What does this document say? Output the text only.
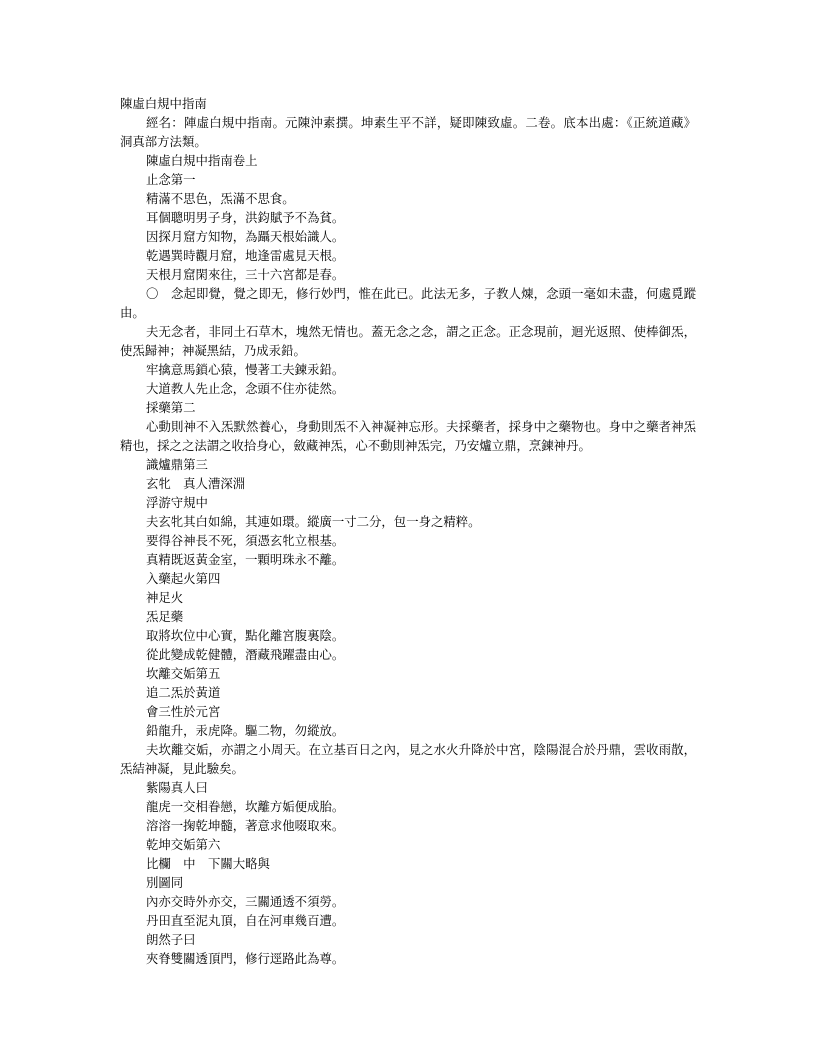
陳虛白規中指南
經名：陣虛白規中指南。元陳沖素撰。坤素生平不詳，疑即陳致虛。二卷。底本出處：《正統道藏》洞真部方法類。
陳虛白規中指南卷上
止念第一
精滿不思色，炁滿不思食。
耳個聰明男子身，洪鈞賦予不為貧。
因探月窟方知物，為躡天根始識人。
乾遇巽時觀月窟，地逢雷處見天根。
天根月窟閑來往，三十六宮都是春。
〇　念起即覺，覺之即无，修行妙門，惟在此已。此法无多，子教人煉，念頭一毫如未盡，何處覓蹤由。
夫无念者，非同土石草木，塊然无情也。蓋无念之念，謂之正念。正念現前，迴光返照、使棒御炁，使炁歸神；神凝黑結，乃成汞鉛。
牢擒意馬鎖心猿，慢著工夫鍊汞鉛。
大道教人先止念，念頭不住亦徒然。
採藥第二
心動則神不入炁默然養心，身動則炁不入神凝神忘形。夫採藥者，採身中之藥物也。身中之藥者神炁精也，採之之法謂之收拾身心，斂藏神炁，心不動則神炁完，乃安爐立鼎，烹鍊神丹。
識爐鼎第三
玄牝　真人漕深淵
浮游守規中
夫玄牝其白如綿，其連如環。縱廣一寸二分，包一身之精粹。
要得谷神長不死，須憑玄牝立根基。
真精既返黃金室，一顆明珠永不離。
入藥起火第四
神足火
炁足藥
取將坎位中心實，點化離宮腹裏陰。
從此變成乾健體，潛藏飛躍盡由心。
坎離交姤第五
追二炁於黃道
會三性於元宮
鉛龍升，汞虎降。驅二物，勿縱放。
夫坎離交姤，亦謂之小周天。在立基百日之內，見之水火升降於中宮，陰陽混合於丹鼎，雲收雨散，炁結神凝，見此驗矣。
紫陽真人曰
龍虎一交相眷戀，坎離方姤便成胎。
溶溶一掬乾坤髓，著意求他啜取來。
乾坤交姤第六
比欄　中　下關大略與
別圖同
內亦交時外亦交，三關通透不須勞。
丹田直至泥丸頂，自在河車幾百遭。
朗然子曰
夾脊雙關透頂門，修行逕路此為尊。
